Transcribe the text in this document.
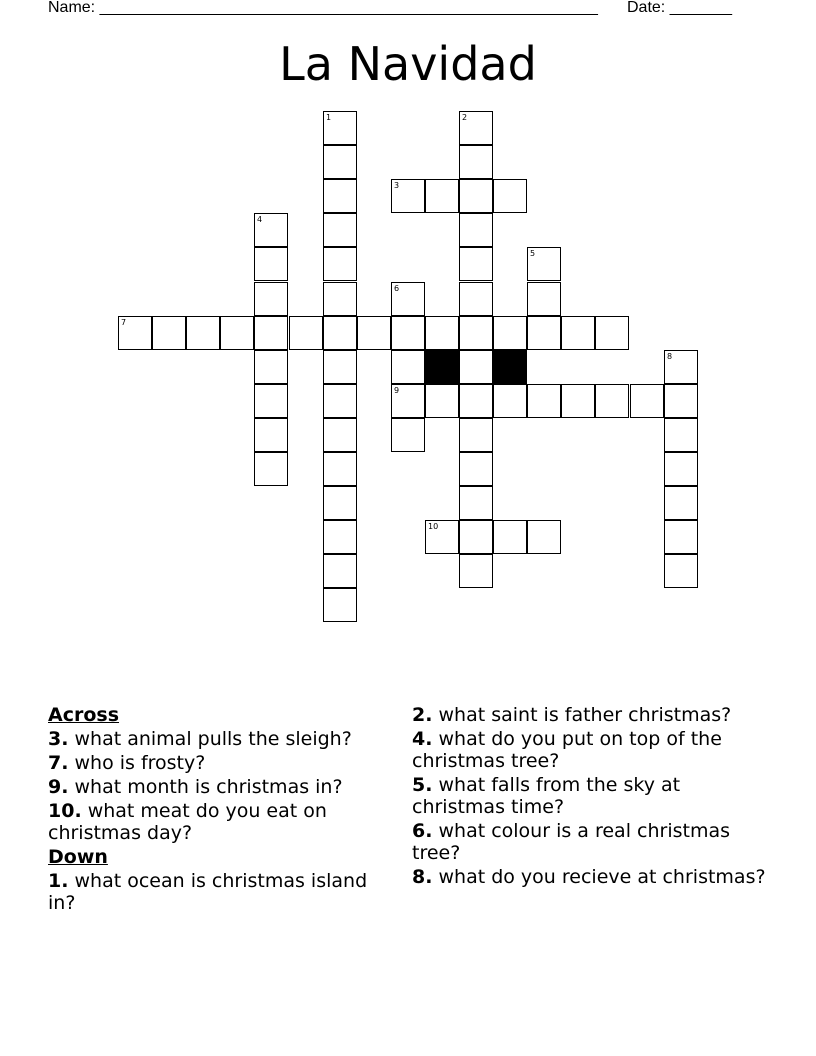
Name: ________________________________________________________ Date: _______
La Navidad
1	2
4
5
6
9
8
3
7
10
Across
3. what animal pulls the sleigh?
7. who is frosty?
9. what month is christmas in?
10. what meat do you eat on christmas day?
Down
1. what ocean is christmas island in?
2. what saint is father christmas?
4. what do you put on top of the christmas tree?
5. what falls from the sky at christmas time?
6. what colour is a real christmas tree?
8. what do you recieve at christmas?
